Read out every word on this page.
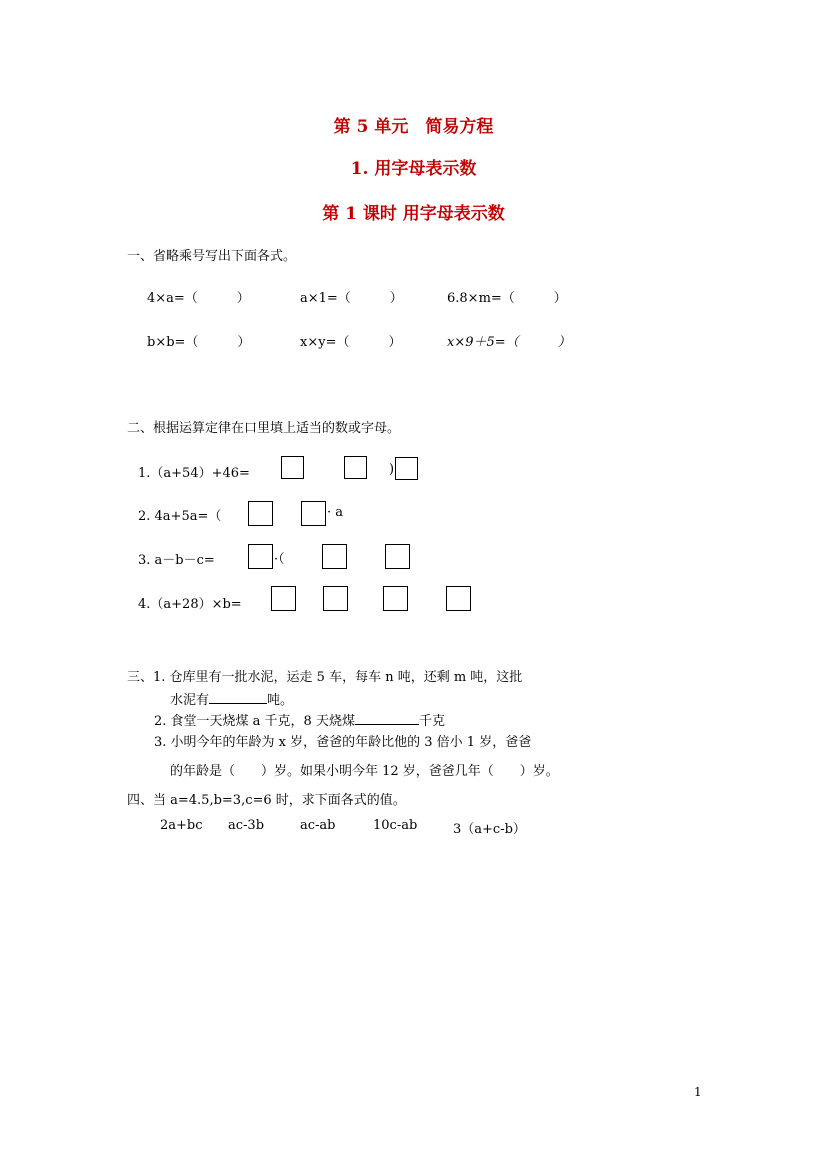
第 5 单元　简易方程
1. 用字母表示数
第 1 课时 用字母表示数
一、省略乘号写出下面各式。
4×a=（　　　）	a×1=（　　　）	6.8×m=（　　　）
b×b=（　　　）	x×y=（　　　）	x×9＋5=（　　　）
二、根据运算定律在口里填上适当的数或字母。
1.（a+54）+46=	)
2. 4a+5a=（	· a
3. a－b－c=	·（
4.（a+28）×b=
三、1. 仓库里有一批水泥，运走 5 车，每车 n 吨，还剩 m 吨，这批
水泥有	吨。
2. 食堂一天烧煤 a 千克，8 天烧煤	千克
3. 小明今年的年龄为 x 岁，爸爸的年龄比他的 3 倍小 1 岁，爸爸
的年龄是（　　）岁。如果小明今年 12 岁，爸爸几年（　　）岁。
四、当 a=4.5,b=3,c=6 时，求下面各式的值。
2a+bc ac-3b	ac-ab	10c-ab	3（a+c-b）
1
